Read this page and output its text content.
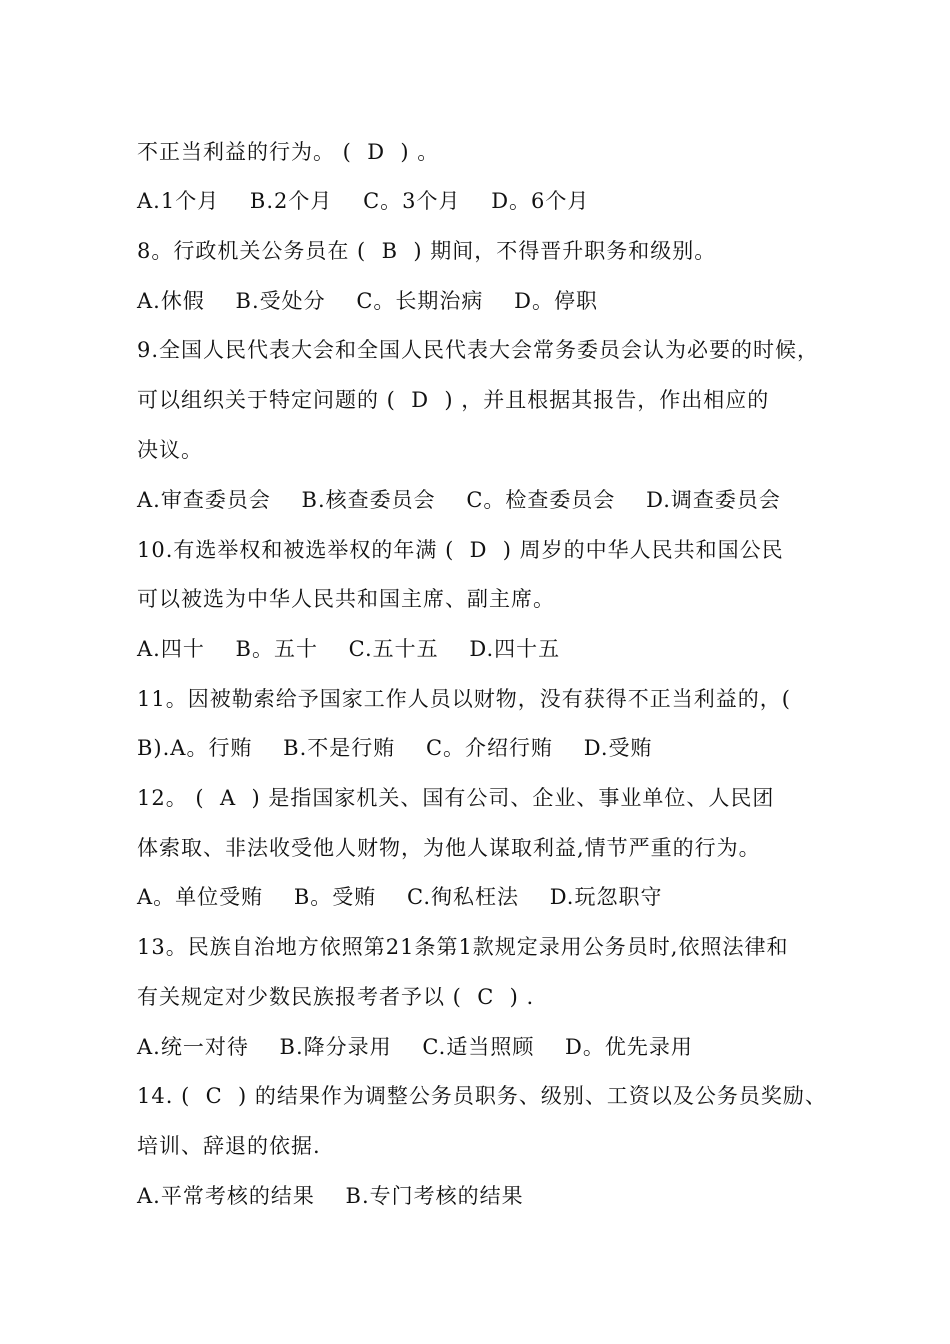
不正当利益的行为。 (  D  ) 。
A.1个月    B.2个月    C。3个月    D。6个月
8。行政机关公务员在 (  B  ) 期间，不得晋升职务和级别。
A.休假    B.受处分    C。长期治病    D。停职
9.全国人民代表大会和全国人民代表大会常务委员会认为必要的时候，
可以组织关于特定问题的 (  D  ) ，并且根据其报告，作出相应的
决议。
A.审查委员会    B.核查委员会    C。检查委员会    D.调查委员会
10.有选举权和被选举权的年满 (  D  ) 周岁的中华人民共和国公民
可以被选为中华人民共和国主席、副主席。
A.四十    B。五十    C.五十五    D.四十五
11。因被勒索给予国家工作人员以财物，没有获得不正当利益的，(
B).A。行贿    B.不是行贿    C。介绍行贿    D.受贿
12。 (  A  ) 是指国家机关、国有公司、企业、事业单位、人民团
体索取、非法收受他人财物，为他人谋取利益,情节严重的行为。
A。单位受贿    B。受贿    C.徇私枉法    D.玩忽职守
13。民族自治地方依照第21条第1款规定录用公务员时,依照法律和
有关规定对少数民族报考者予以 (  C  ) .
A.统一对待    B.降分录用    C.适当照顾    D。优先录用
14. (  C  ) 的结果作为调整公务员职务、级别、工资以及公务员奖励、
培训、辞退的依据.
A.平常考核的结果    B.专门考核的结果
